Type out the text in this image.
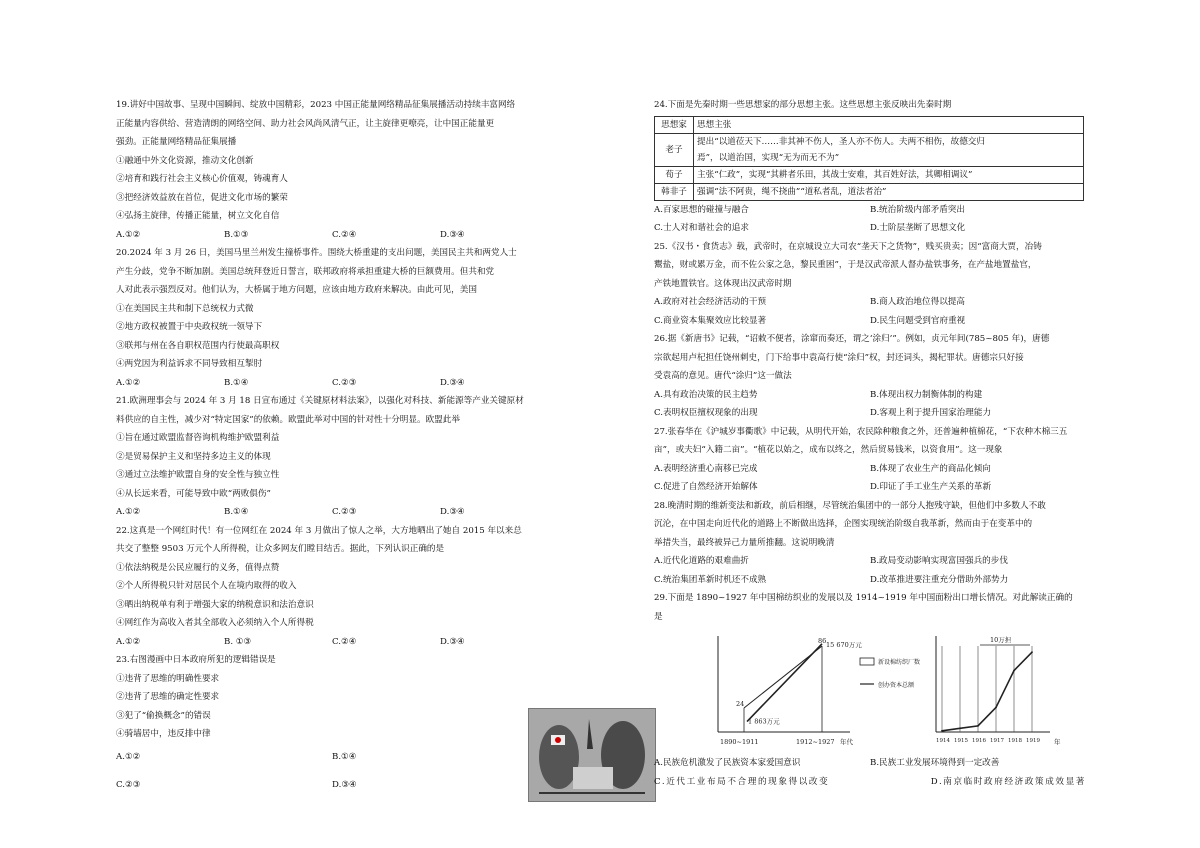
19.讲好中国故事、呈现中国瞬间、绽放中国精彩，2023 中国正能量网络精品征集展播活动持续丰富网络
正能量内容供给、营造清朗的网络空间、助力社会风尚风清气正，让主旋律更嘹亮，让中国正能量更
强劲。正能量网络精品征集展播
①融通中外文化资源，推动文化创新
②培育和践行社会主义核心价值观，铸魂育人
③把经济效益放在首位，促进文化市场的繁荣
④弘扬主旋律，传播正能量，树立文化自信
A.①②	B.①③	C.②④	D.③④
20.2024 年 3 月 26 日，美国马里兰州发生撞桥事件。围绕大桥重建的支出问题，美国民主共和两党人士
产生分歧，党争不断加剧。美国总统拜登近日誓言，联邦政府将承担重建大桥的巨额费用。但共和党
人对此表示强烈反对。他们认为，大桥属于地方问题，应该由地方政府来解决。由此可见，美国
①在美国民主共和制下总统权力式微
②地方政权被置于中央政权统一领导下
③联邦与州在各自职权范围内行使最高职权
④两党因为利益诉求不同导致相互掣肘
A.①②	B.①④	C.②③	D.③④
21.欧洲理事会与 2024 年 3 月 18 日宣布通过《关键原材料法案》，以强化对科技、新能源等产业关键原材
料供应的自主性，减少对“特定国家”的依赖。欧盟此举对中国的针对性十分明显。欧盟此举
①旨在通过欧盟监督咨询机构维护欧盟利益
②是贸易保护主义和坚持多边主义的体现
③通过立法维护欧盟自身的安全性与独立性
④从长远来看，可能导致中欧“两败俱伤”
A.①②	B.①④	C.②③	D.③④
22.这真是一个网红时代！有一位网红在 2024 年 3 月做出了惊人之举，大方地晒出了她自 2015 年以来总
共交了整整 9503 万元个人所得税，让众多网友们瞠目结舌。据此，下列认识正确的是
①依法纳税是公民应履行的义务，值得点赞
②个人所得税只针对居民个人在境内取得的收入
③晒出纳税单有利于增强大家的纳税意识和法治意识
④网红作为高收入者其全部收入必须纳入个人所得税
A.①②	B. ①③	C.②④	D.③④
23.右图漫画中日本政府所犯的逻辑错误是
①违背了思维的明确性要求
②违背了思维的确定性要求
③犯了“偷换概念”的错误
④骑墙居中，违反排中律
A.①②	B.①④
C.②③	D.③④
24.下面是先秦时期一些思想家的部分思想主张。这些思想主张反映出先秦时期
思想家	思想主张
老子	提出“以道莅天下……非其神不伤人，圣人亦不伤人。夫两不相伤，故德交归
焉”，以道治国，实现“无为而无不为”

荀子	主张“仁政”，实现“其耕者乐田，其战士安难，其百姓好法，其卿相调议”
韩非子	强调“法不阿贵，绳不挠曲”“道私者乱，道法者治”
A.百家思想的碰撞与融合	B.统治阶级内部矛盾突出
C.士人对和谐社会的追求	D.士阶层垄断了思想文化
25.《汉书・食货志》载，武帝时，在京城设立大司农“垄天下之货物”，贱买贵卖；因“富商大贾，冶铸
鬻盐，财或累万金，而不佐公家之急，黎民重困”，于是汉武帝派人督办盐铁事务，在产盐地置盐官，
产铁地置铁官。这体现出汉武帝时期
A.政府对社会经济活动的干预	B.商人政治地位得以提高
C.商业资本集聚效应比较显著	D.民生问题受到官府重视
26.据《新唐书》记载，“诏敕不便者，涂窜而奏还，谓之‘涂归’”。例如，贞元年间(785~805 年)，唐德
宗欲起用卢杞担任饶州刺史，门下给事中袁高行使“涂归”权，封还词头，揭杞罪状。唐德宗只好接
受袁高的意见。唐代“涂归”这一做法
A.具有政治决策的民主趋势	B.体现出权力制衡体制的构建
C.表明权臣擅权现象的出现	D.客观上利于提升国家治理能力
27.张春华在《沪城岁事衢歌》中记载，从明代开始，农民除种粮食之外，还普遍种植棉花，“下农种木棉三五
亩”，或夫妇“入籍二亩”。“植花以始之，成布以终之，然后贸易钱米，以资食用”。这一现象
A.表明经济重心南移已完成	B.体现了农业生产的商品化倾向
C.促进了自然经济开始解体	D.印证了手工业生产关系的革新
28.晚清时期的维新变法和新政，前后相继，尽管统治集团中的一部分人抱残守缺，但他们中多数人不敢
沉沦，在中国走向近代化的道路上不断做出选择，企图实现统治阶级自我革新，然而由于在变革中的
举措失当，最终被异己力量所推翻。这说明晚清
A.近代化道路的艰难曲折	B.政局变动影响实现富国强兵的步伐
C.统治集团革新时机还不成熟	D.改革推进要注重充分借助外部势力
29.下面是 1890~1927 年中国棉纺织业的发展以及 1914~1919 年中国面粉出口增长情况。对此解读正确的
是
24
86
1 863万元
15 670万元
新设棉纺织厂数
创办资本总额
1890~1911	1912~1927 年代
10万担
1914 1915 1916 1917 1918 1919 年
A.民族危机激发了民族资本家爱国意识	B.民族工业发展环境得到一定改善
C.近代工业布局不合理的现象得以改变	D.南京临时政府经济政策成效显著
